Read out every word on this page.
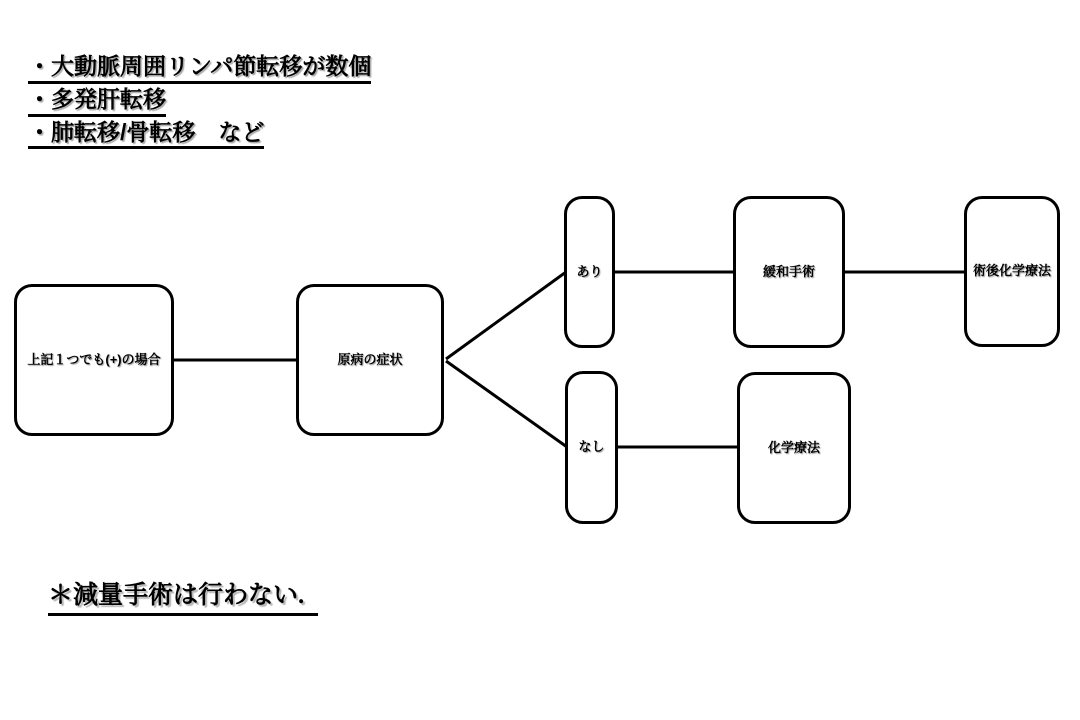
・大動脈周囲リンパ節転移が数個
・多発肝転移
・肺転移/骨転移　など
上記１つでも(+)の場合	原病の症状
あり	緩和手術	術後化学療法
なし	化学療法
＊減量手術は行わない.
